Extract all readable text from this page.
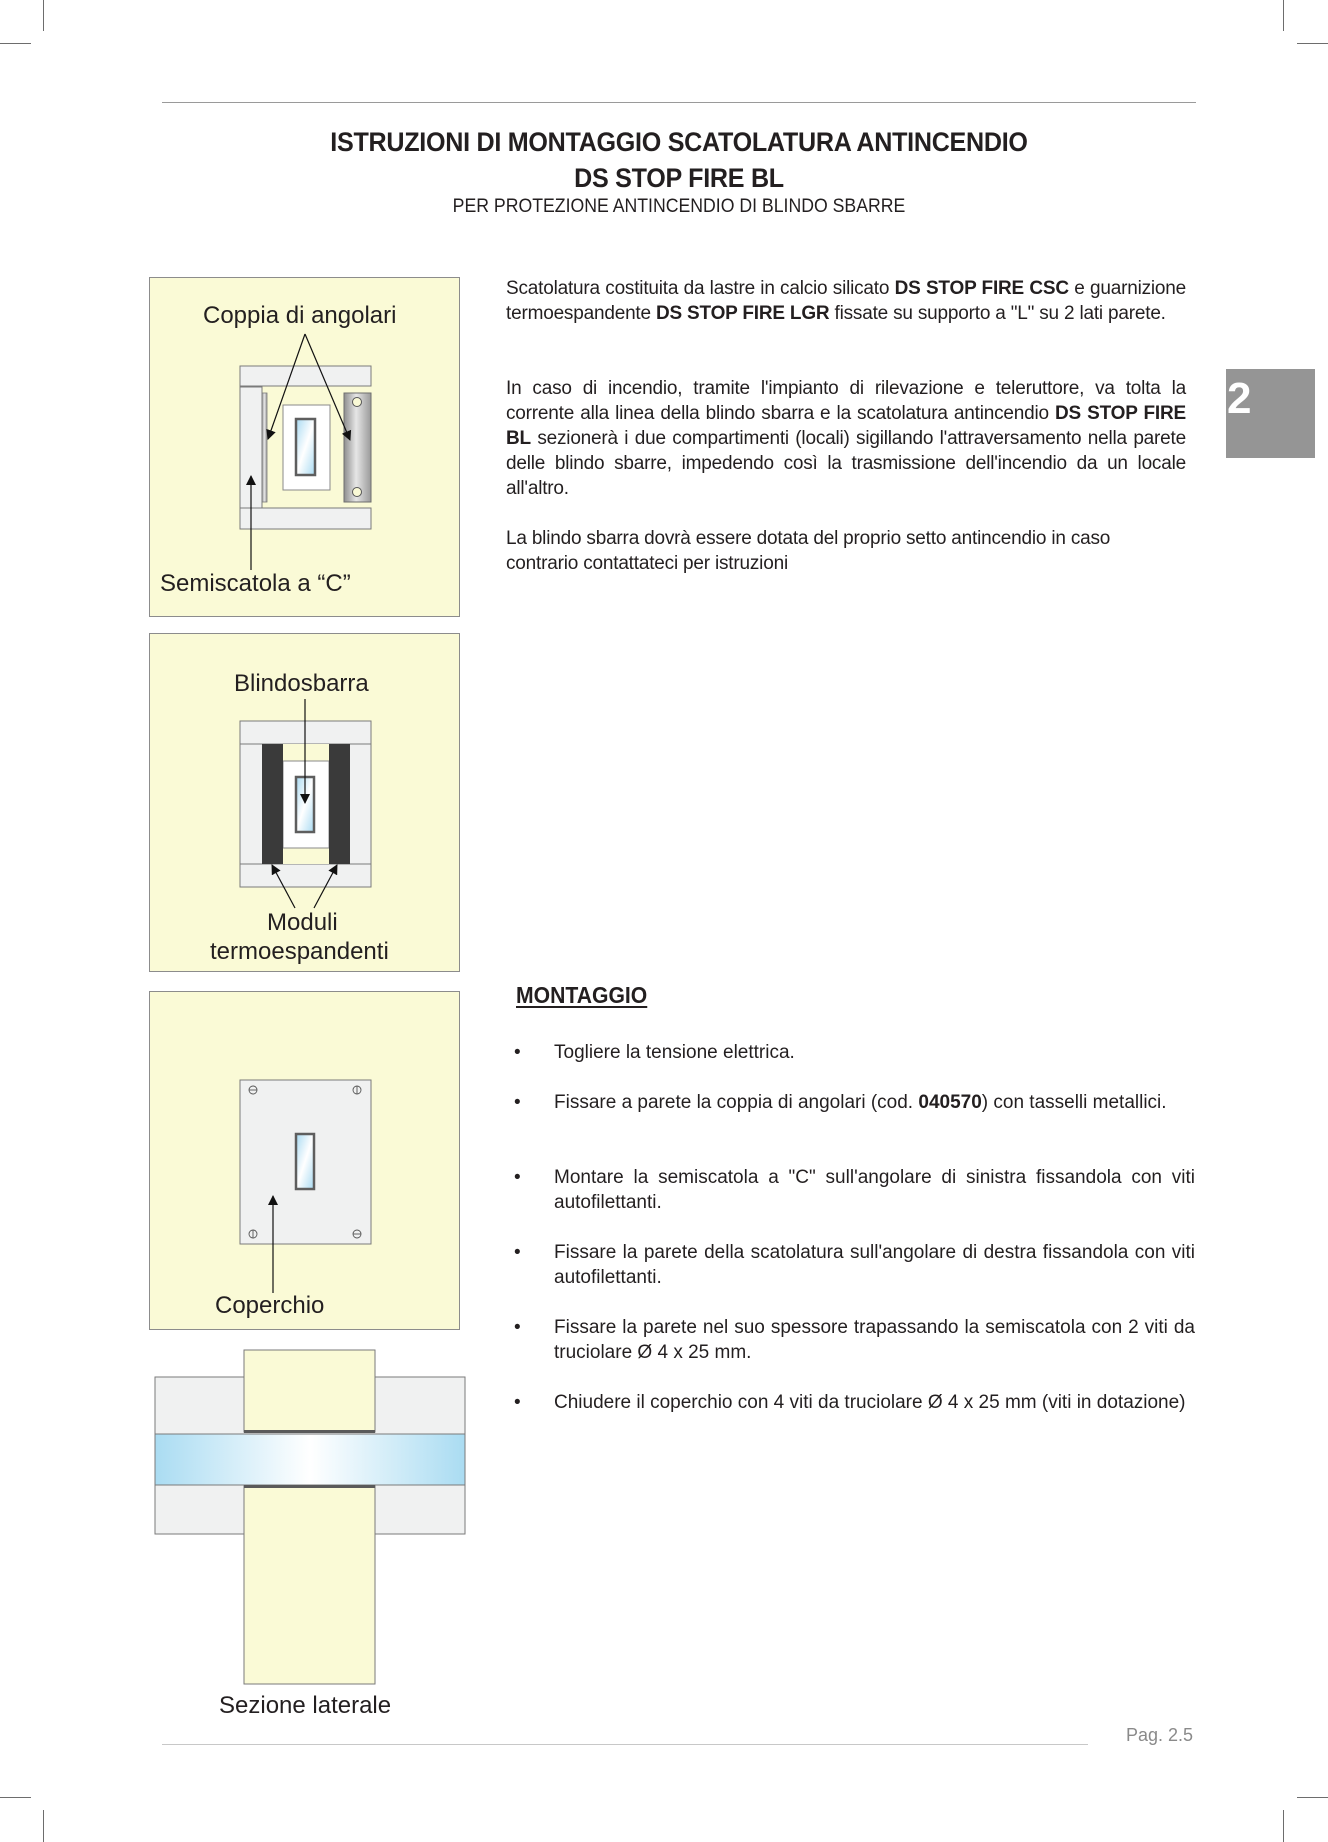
ISTRUZIONI DI MONTAGGIO SCATOLATURA ANTINCENDIO
DS STOP FIRE BL
PER PROTEZIONE ANTINCENDIO DI BLINDO SBARRE
2
Scatolatura costituita da lastre in calcio silicato DS STOP FIRE CSC e guarnizione termoespandente DS STOP FIRE LGR fissate su supporto a "L" su 2 lati parete.
In caso di incendio, tramite l'impianto di rilevazione e teleruttore, va tolta la corrente alla linea della blindo sbarra e la scatolatura antincendio DS STOP FIRE BL sezionerà i due compartimenti (locali) sigillando l'attraversamento nella parete delle blindo sbarre, impedendo così la trasmissione dell'incendio da un locale all'altro.
La blindo sbarra dovrà essere dotata del proprio setto antincendio in caso contrario contattateci per istruzioni
Coppia di angolari
Semiscatola a “C”
Blindosbarra
Moduli
termoespandenti
Coperchio
Sezione laterale
MONTAGGIO
•	Togliere la tensione elettrica.
•	Fissare a parete la coppia di angolari (cod. 040570) con tasselli metallici.
•	Montare la semiscatola a "C" sull'angolare di sinistra fissandola con viti autofilettanti.
•	Fissare la parete della scatolatura sull'angolare di destra fissandola con viti autofilettanti.
•	Fissare la parete nel suo spessore trapassando la semiscatola con 2 viti da truciolare Ø 4 x 25 mm.
•	Chiudere il coperchio con 4 viti da truciolare Ø 4 x 25 mm (viti in dotazione)
Pag. 2.5
